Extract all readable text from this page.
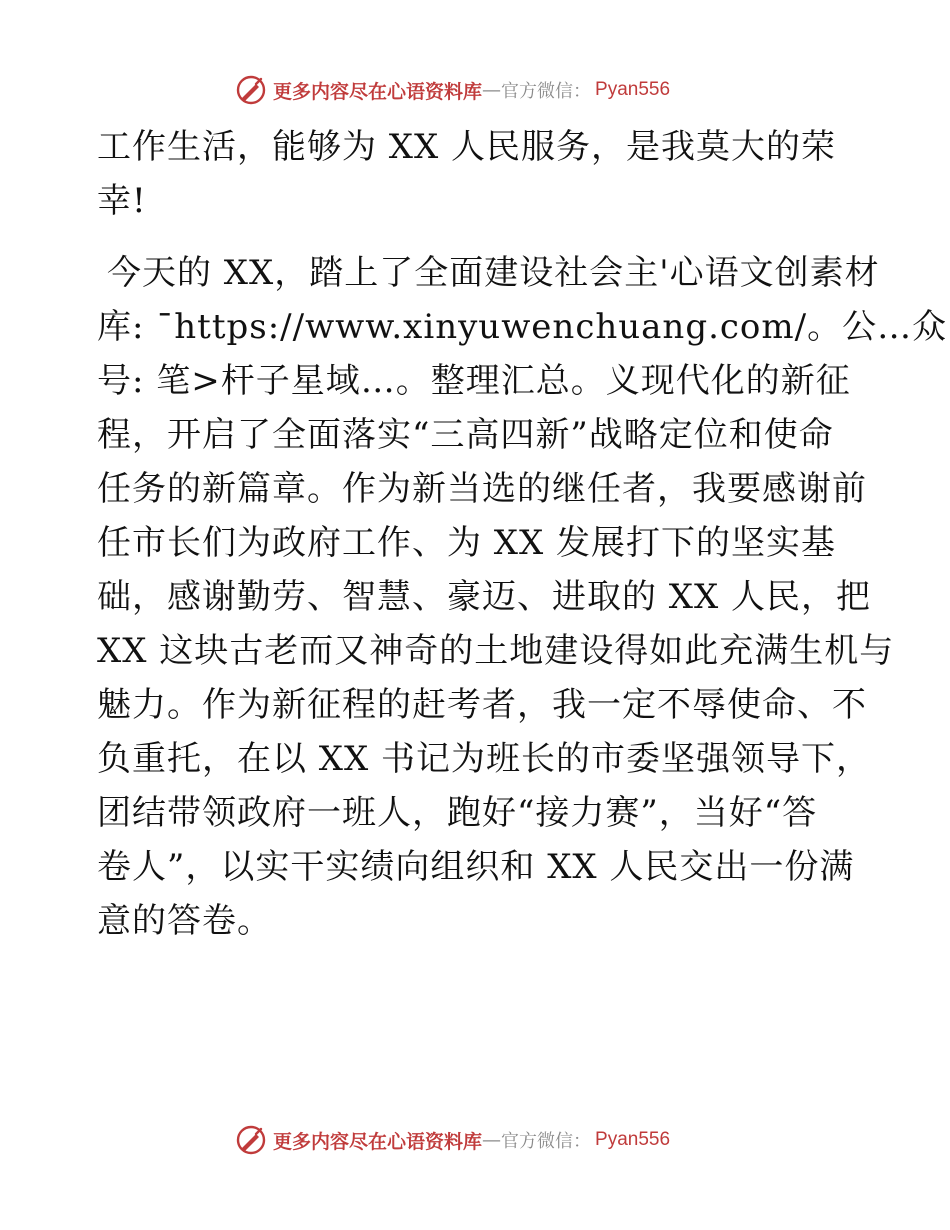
更多内容尽在心语资料库 — 官方微信： Pyan556

工作生活，能够为 XX 人民服务，是我莫大的荣
幸!

今天的 XX，踏上了全面建设社会主'心语文创素材
库: ¯https://www.xinyuwenchuang.com/。公…众
号: 笔>杆子星域…。整理汇总。义现代化的新征
程，开启了全面落实“三高四新”战略定位和使命
任务的新篇章。作为新当选的继任者，我要感谢前
任市长们为政府工作、为 XX 发展打下的坚实基
础，感谢勤劳、智慧、豪迈、进取的 XX 人民，把
XX 这块古老而又神奇的土地建设得如此充满生机与
魅力。作为新征程的赶考者，我一定不辱使命、不
负重托，在以 XX 书记为班长的市委坚强领导下，
团结带领政府一班人，跑好“接力赛”，当好“答
卷人”，以实干实绩向组织和 XX 人民交出一份满
意的答卷。

更多内容尽在心语资料库 — 官方微信： Pyan556
